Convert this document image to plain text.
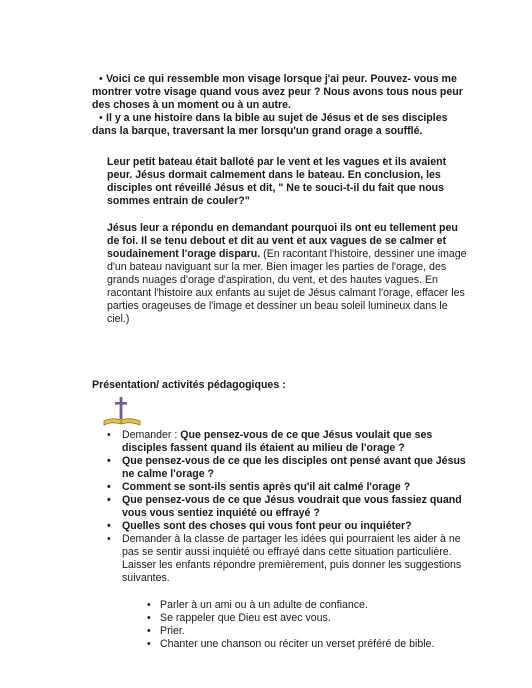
• Voici ce qui ressemble mon visage lorsque j'ai peur. Pouvez- vous me montrer votre visage quand vous avez peur ? Nous avons tous nous peur des choses à un moment ou à un autre.
• Il y a une histoire dans la bible au sujet de Jésus et de ses disciples dans la barque, traversant la mer lorsqu'un grand orage a soufflé.

Leur petit bateau était balloté par le vent et les vagues et ils avaient peur. Jésus dormait calmement dans le bateau. En conclusion, les disciples ont réveillé Jésus et dit, " Ne te souci-t-il du fait que nous sommes entrain de couler?"

Jésus leur a répondu en demandant pourquoi ils ont eu tellement peu de foi. Il se tenu debout et dit au vent et aux vagues de se calmer et soudainement l'orage disparu. (En racontant l'histoire, dessiner une image d'un bateau naviguant sur la mer. Bien imager les parties de l'orage, des grands nuages d'orage d'aspiration, du vent, et des hautes vagues. En racontant l'histoire aux enfants au sujet de Jésus calmant l'orage, effacer les parties orageuses de l'image et dessiner un beau soleil lumineux dans le ciel.)

Présentation/ activités pédagogiques :
• Demander : Que pensez-vous de ce que Jésus voulait que ses disciples fassent quand ils étaient au milieu de l'orage ?
• Que pensez-vous de ce que les disciples ont pensé avant que Jésus ne calme l'orage ?
• Comment se sont-ils sentis après qu'il ait calmé l'orage ?
• Que pensez-vous de ce que Jésus voudrait que vous fassiez quand vous vous sentiez inquiété ou effrayé ?
• Quelles sont des choses qui vous font peur ou inquiéter?
• Demander à la classe de partager les idées qui pourraient les aider à ne pas se sentir aussi inquiété ou effrayé dans cette situation particulière. Laisser les enfants répondre premièrement, puis donner les suggestions suivantes.
• Parler à un ami ou à un adulte de confiance.
• Se rappeler que Dieu est avec vous.
• Prier.
• Chanter une chanson ou réciter un verset préféré de bible.
